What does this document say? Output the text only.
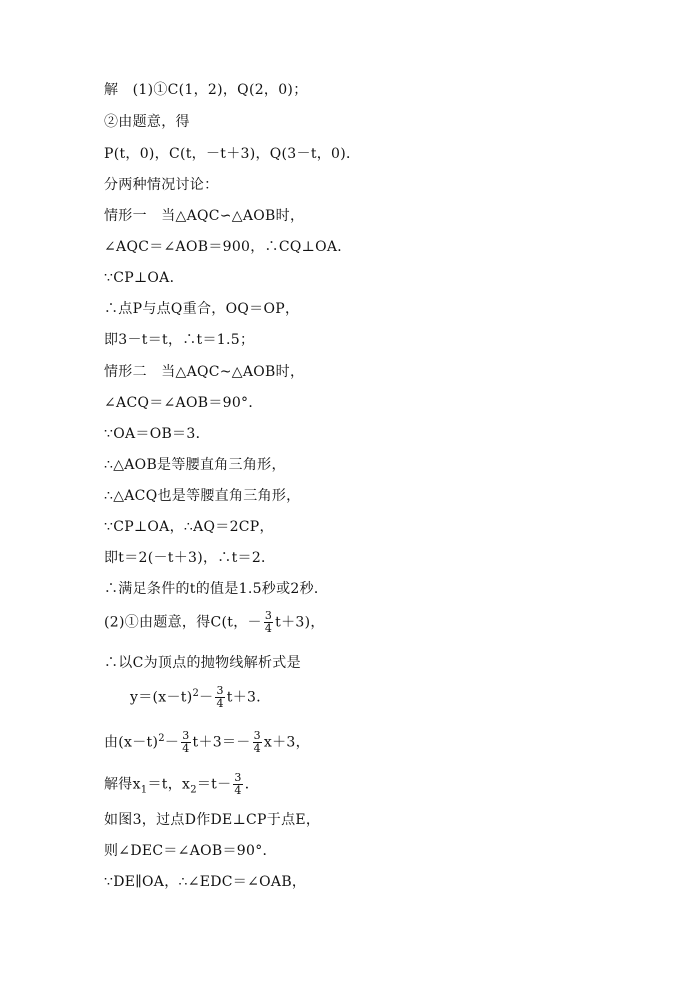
解　(1)①C(1，2)，Q(2，0)；
②由题意，得
P(t，0)，C(t，－t＋3)，Q(3－t，0)．
分两种情况讨论：
情形一　当△AQC∽△AOB时，
∠AQC＝∠AOB＝900，∴CQ⊥OA．
∵CP⊥OA．
∴点P与点Q重合，OQ＝OP，
即3－t＝t，∴t＝1.5；
情形二　当△AQC~△AOB时，
∠ACQ＝∠AOB＝90°．
∵OA＝OB＝3．
∴△AOB是等腰直角三角形，
∴△ACQ也是等腰直角三角形，
∵CP⊥OA，∴AQ＝2CP，
即t＝2(－t＋3)，∴t＝2．
∴满足条件的t的值是1.5秒或2秒．
(2)①由题意，得C(t，－ $\frac{3}{4} t+3$)，
∴以C为顶点的抛物线解析式是
$y=(x-t)^2- \frac{3}{4} t+3$．
由$(x-t)^2- \frac{3}{4} t+3=- \frac{3}{4} x+3$，
解得$x_1=t$，$x_2=t- \frac{3}{4}$ ．
如图3，过点D作DE⊥CP于点E，
则∠DEC＝∠AOB＝90°．
∵DE∥OA，∴∠EDC＝∠OAB，
